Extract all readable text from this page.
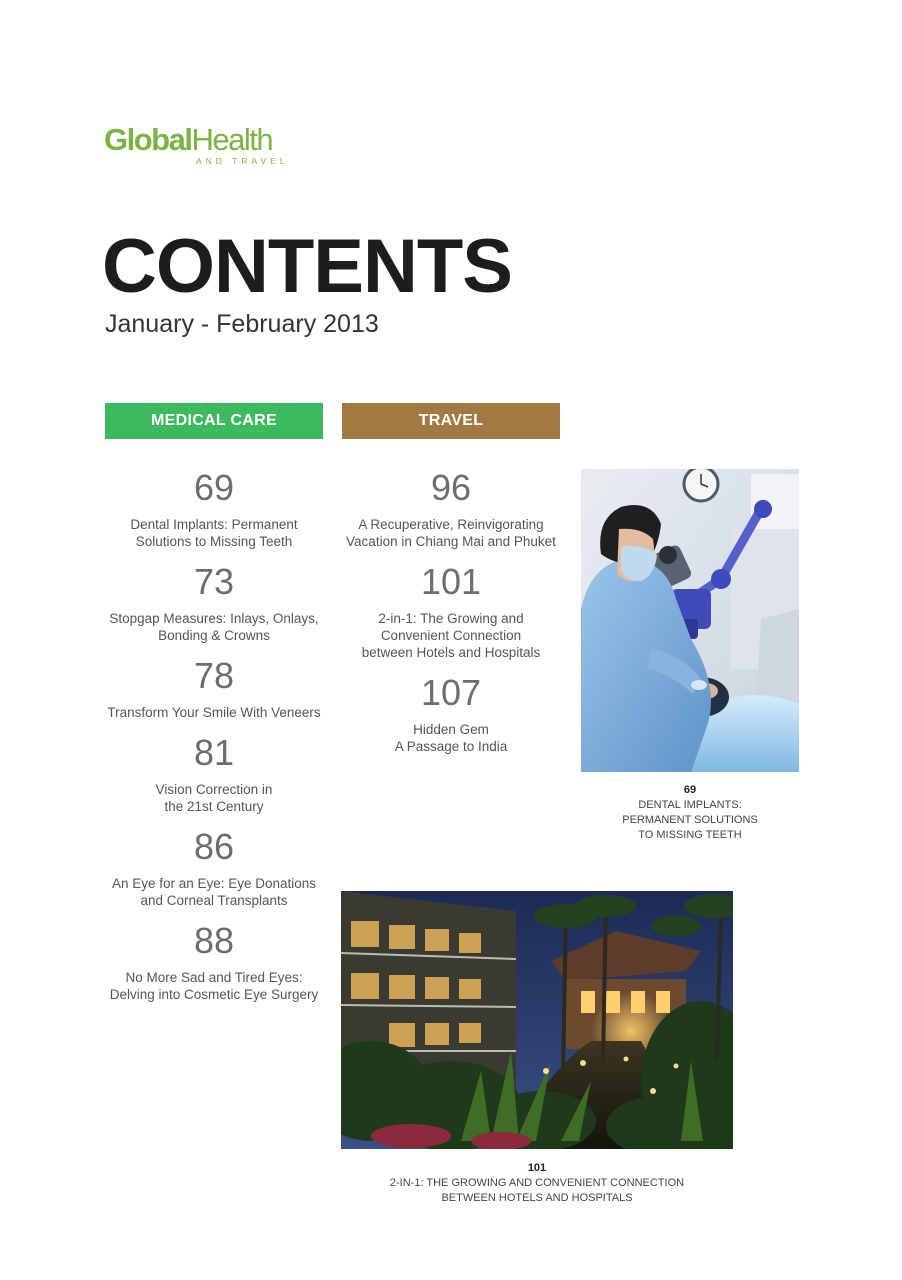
GlobalHealth
AND TRAVEL
CONTENTS
January - February 2013
MEDICAL CARE	TRAVEL
69
Dental Implants: Permanent
Solutions to Missing Teeth
73
Stopgap Measures: Inlays, Onlays,
Bonding & Crowns
78
Transform Your Smile With Veneers
81
Vision Correction in
the 21st Century
86
An Eye for an Eye: Eye Donations
and Corneal Transplants
88
No More Sad and Tired Eyes:
Delving into Cosmetic Eye Surgery
96
A Recuperative, Reinvigorating
Vacation in Chiang Mai and Phuket
101
2-in-1: The Growing and
Convenient Connection
between Hotels and Hospitals
107
Hidden Gem
A Passage to India
69
DENTAL IMPLANTS:
PERMANENT SOLUTIONS
TO MISSING TEETH
101
2-IN-1: THE GROWING AND CONVENIENT CONNECTION
BETWEEN HOTELS AND HOSPITALS
